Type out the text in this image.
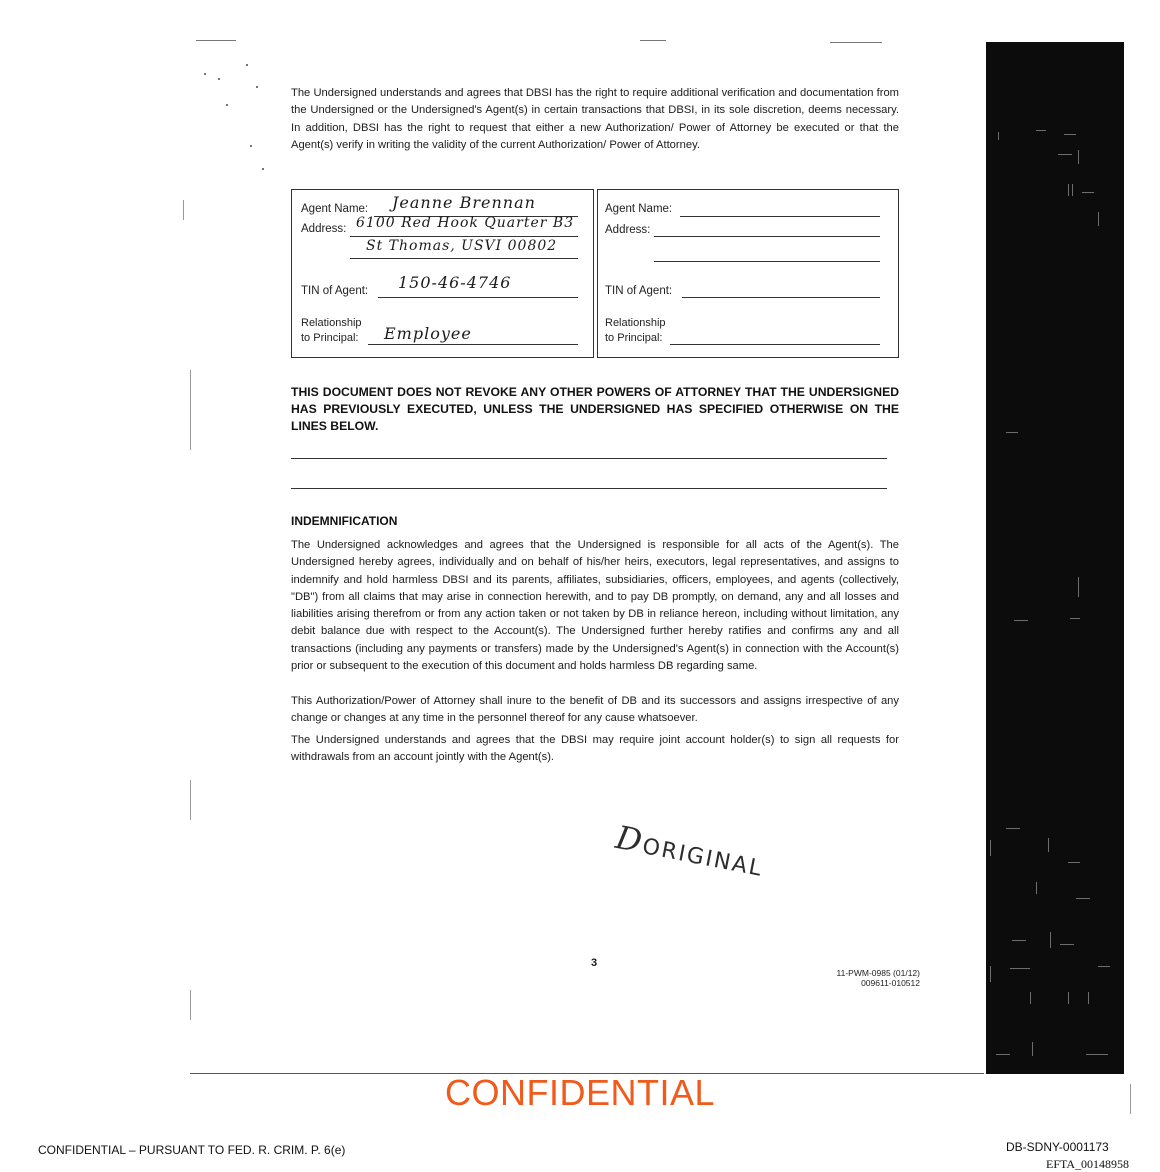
The Undersigned understands and agrees that DBSI has the right to require additional verification and documentation from the Undersigned or the Undersigned's Agent(s) in certain transactions that DBSI, in its sole discretion, deems necessary. In addition, DBSI has the right to request that either a new Authorization/ Power of Attorney be executed or that the Agent(s) verify in writing the validity of the current Authorization/ Power of Attorney.
Agent Name: Jeanne Brennan
Address: 6100 Red Hook Quarter B3
St Thomas, USVI 00802
TIN of Agent: 150-46-4746
Relationship
to Principal: Employee
Agent Name:
Address:
TIN of Agent:
Relationship
to Principal:
THIS DOCUMENT DOES NOT REVOKE ANY OTHER POWERS OF ATTORNEY THAT THE UNDERSIGNED HAS PREVIOUSLY EXECUTED, UNLESS THE UNDERSIGNED HAS SPECIFIED OTHERWISE ON THE LINES BELOW.
INDEMNIFICATION
The Undersigned acknowledges and agrees that the Undersigned is responsible for all acts of the Agent(s). The Undersigned hereby agrees, individually and on behalf of his/her heirs, executors, legal representatives, and assigns to indemnify and hold harmless DBSI and its parents, affiliates, subsidiaries, officers, employees, and agents (collectively, "DB") from all claims that may arise in connection herewith, and to pay DB promptly, on demand, any and all losses and liabilities arising therefrom or from any action taken or not taken by DB in reliance hereon, including without limitation, any debit balance due with respect to the Account(s). The Undersigned further hereby ratifies and confirms any and all transactions (including any payments or transfers) made by the Undersigned's Agent(s) in connection with the Account(s) prior or subsequent to the execution of this document and holds harmless DB regarding same.
This Authorization/Power of Attorney shall inure to the benefit of DB and its successors and assigns irrespective of any change or changes at any time in the personnel thereof for any cause whatsoever.
The Undersigned understands and agrees that the DBSI may require joint account holder(s) to sign all requests for withdrawals from an account jointly with the Agent(s).
DORIGINAL
3
11-PWM-0985 (01/12)
009611-010512
CONFIDENTIAL
CONFIDENTIAL – PURSUANT TO FED. R. CRIM. P. 6(e)	DB-SDNY-0001173
EFTA_00148958
